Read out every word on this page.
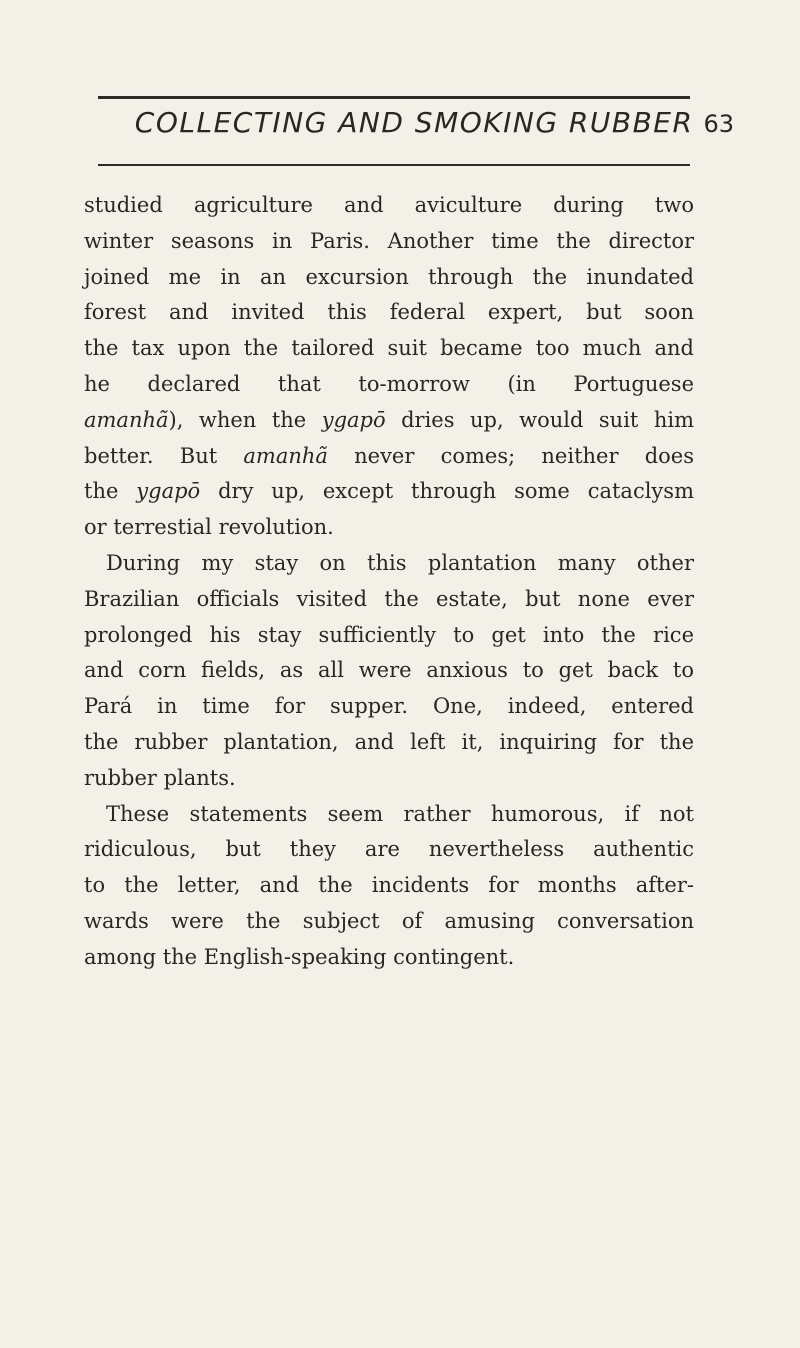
COLLECTING AND SMOKING RUBBER 63
studied agriculture and aviculture during two
winter seasons in Paris. Another time the director
joined me in an excursion through the inundated
forest and invited this federal expert, but soon
the tax upon the tailored suit became too much and
he declared that to-morrow (in Portuguese
amanhã), when the ygapō dries up, would suit him
better. But amanhã never comes; neither does
the ygapō dry up, except through some cataclysm
or terrestial revolution.
During my stay on this plantation many other
Brazilian officials visited the estate, but none ever
prolonged his stay sufficiently to get into the rice
and corn fields, as all were anxious to get back to
Pará in time for supper. One, indeed, entered
the rubber plantation, and left it, inquiring for the
rubber plants.
These statements seem rather humorous, if not
ridiculous, but they are nevertheless authentic
to the letter, and the incidents for months after-
wards were the subject of amusing conversation
among the English-speaking contingent.
